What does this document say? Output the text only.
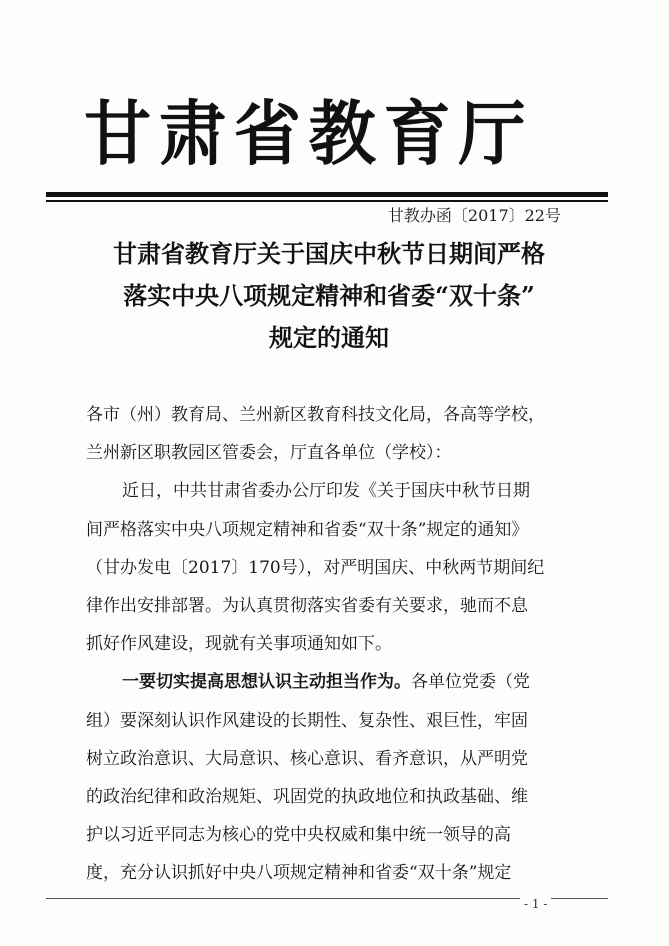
甘肃省教育厅
甘教办函〔2017〕22号
甘肃省教育厅关于国庆中秋节日期间严格
落实中央八项规定精神和省委“双十条”
规定的通知
各市（州）教育局、兰州新区教育科技文化局，各高等学校，
兰州新区职教园区管委会，厅直各单位（学校）：
近日，中共甘肃省委办公厅印发《关于国庆中秋节日期
间严格落实中央八项规定精神和省委“双十条”规定的通知》
（甘办发电〔2017〕170号），对严明国庆、中秋两节期间纪
律作出安排部署。为认真贯彻落实省委有关要求，驰而不息
抓好作风建设，现就有关事项通知如下。
一要切实提高思想认识主动担当作为。各单位党委（党
组）要深刻认识作风建设的长期性、复杂性、艰巨性，牢固
树立政治意识、大局意识、核心意识、看齐意识，从严明党
的政治纪律和政治规矩、巩固党的执政地位和执政基础、维
护以习近平同志为核心的党中央权威和集中统一领导的高
度，充分认识抓好中央八项规定精神和省委“双十条”规定
- 1 -
